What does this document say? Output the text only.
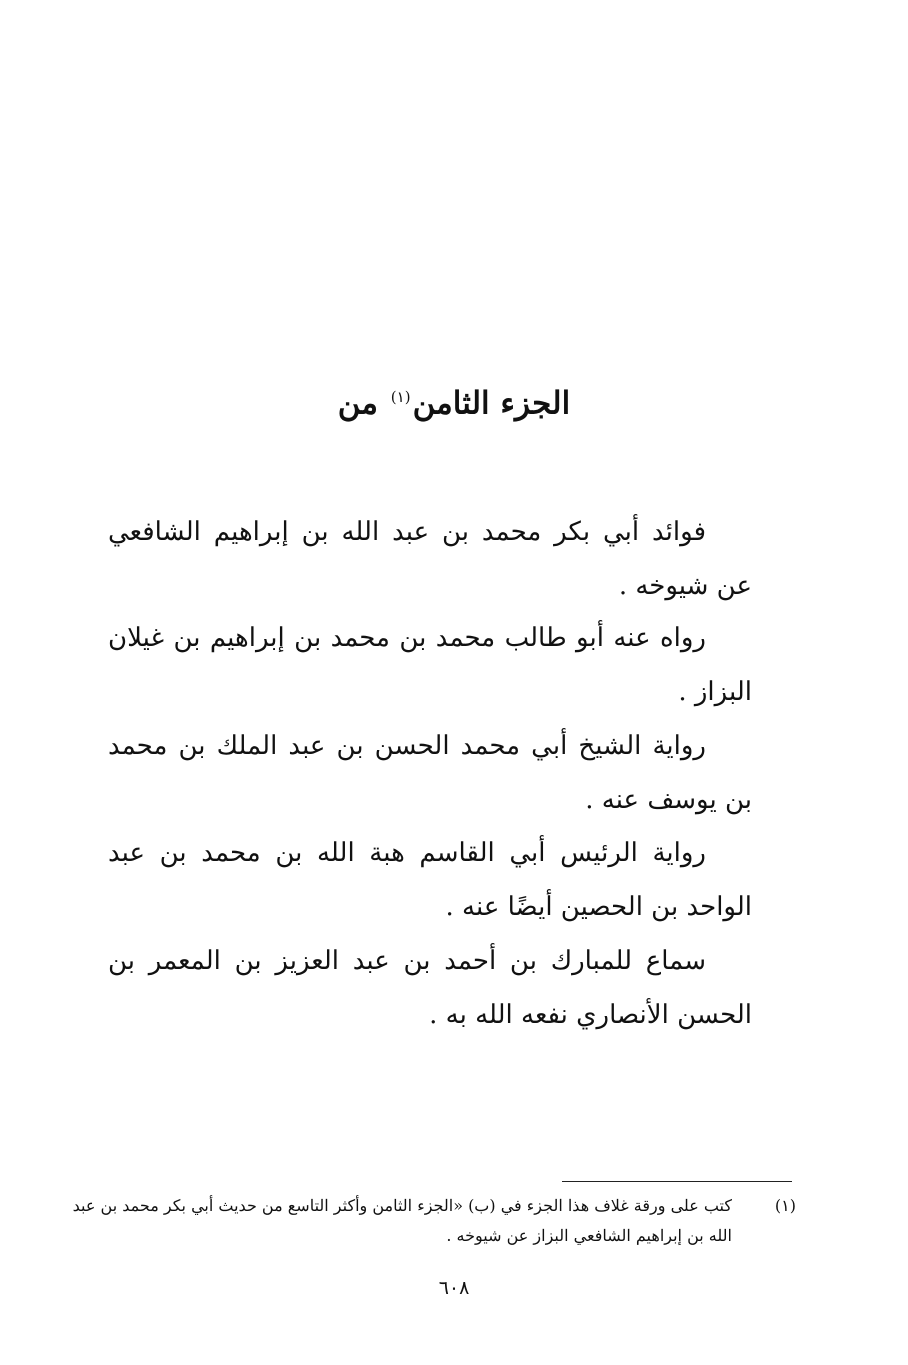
الجزء الثامن$^{(١)}$ من
فوائد أبي بكر محمد بن عبد الله بن إبراهيم الشافعي عن شيوخه .
رواه عنه أبو طالب محمد بن محمد بن إبراهيم بن غيلان البزاز .
رواية الشيخ أبي محمد الحسن بن عبد الملك بن محمد بن يوسف عنه .
رواية الرئيس أبي القاسم هبة الله بن محمد بن عبد الواحد بن الحصين أيضًا عنه .
سماع للمبارك بن أحمد بن عبد العزيز بن المعمر بن الحسن الأنصاري نفعه الله به .
(١)
كتب على ورقة غلاف هذا الجزء في (ب) «الجزء الثامن وأكثر التاسع من حديث أبي بكر محمد بن عبد الله بن إبراهيم الشافعي البزاز عن شيوخه .
٦٠٨
